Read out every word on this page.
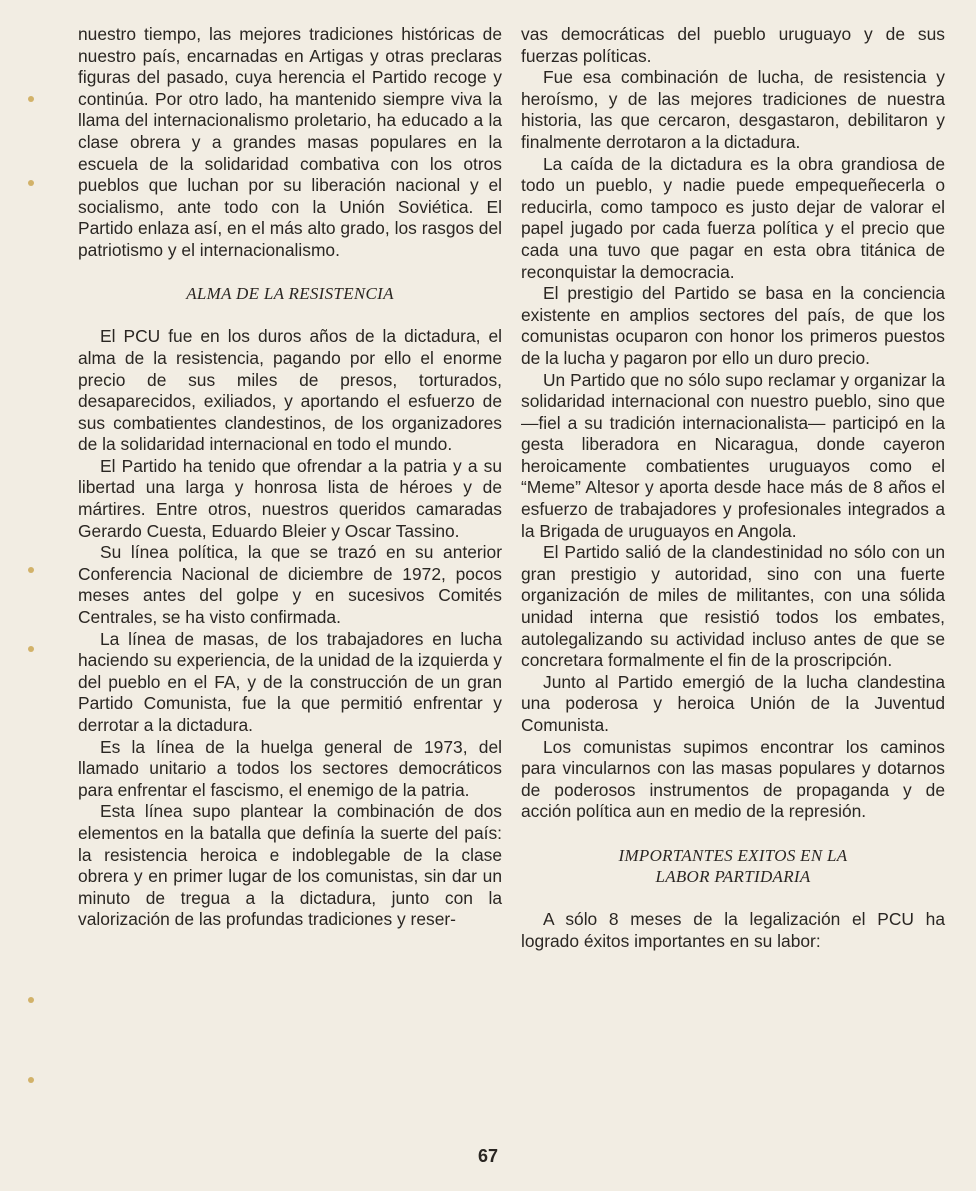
nuestro tiempo, las mejores tradiciones históricas de nuestro país, encarnadas en Artigas y otras preclaras figuras del pasado, cuya herencia el Partido recoge y continúa. Por otro lado, ha mantenido siempre viva la llama del internacionalismo proletario, ha educado a la clase obrera y a grandes masas populares en la escuela de la solidaridad combativa con los otros pueblos que luchan por su liberación nacional y el socialismo, ante todo con la Unión Soviética. El Partido enlaza así, en el más alto grado, los rasgos del patriotismo y el internacionalismo.

ALMA DE LA RESISTENCIA

El PCU fue en los duros años de la dictadura, el alma de la resistencia, pagando por ello el enorme precio de sus miles de presos, torturados, desaparecidos, exiliados, y aportando el esfuerzo de sus combatientes clandestinos, de los organizadores de la solidaridad internacional en todo el mundo.

El Partido ha tenido que ofrendar a la patria y a su libertad una larga y honrosa lista de héroes y de mártires. Entre otros, nuestros queridos camaradas Gerardo Cuesta, Eduardo Bleier y Oscar Tassino.

Su línea política, la que se trazó en su anterior Conferencia Nacional de diciembre de 1972, pocos meses antes del golpe y en sucesivos Comités Centrales, se ha visto confirmada.

La línea de masas, de los trabajadores en lucha haciendo su experiencia, de la unidad de la izquierda y del pueblo en el FA, y de la construcción de un gran Partido Comunista, fue la que permitió enfrentar y derrotar a la dictadura.

Es la línea de la huelga general de 1973, del llamado unitario a todos los sectores democráticos para enfrentar el fascismo, el enemigo de la patria.

Esta línea supo plantear la combinación de dos elementos en la batalla que definía la suerte del país: la resistencia heroica e indoblegable de la clase obrera y en primer lugar de los comunistas, sin dar un minuto de tregua a la dictadura, junto con la valorización de las profundas tradiciones y reser-

vas democráticas del pueblo uruguayo y de sus fuerzas políticas.

Fue esa combinación de lucha, de resistencia y heroísmo, y de las mejores tradiciones de nuestra historia, las que cercaron, desgastaron, debilitaron y finalmente derrotaron a la dictadura.

La caída de la dictadura es la obra grandiosa de todo un pueblo, y nadie puede empequeñecerla o reducirla, como tampoco es justo dejar de valorar el papel jugado por cada fuerza política y el precio que cada una tuvo que pagar en esta obra titánica de reconquistar la democracia.

El prestigio del Partido se basa en la conciencia existente en amplios sectores del país, de que los comunistas ocuparon con honor los primeros puestos de la lucha y pagaron por ello un duro precio.

Un Partido que no sólo supo reclamar y organizar la solidaridad internacional con nuestro pueblo, sino que —fiel a su tradición internacionalista— participó en la gesta liberadora en Nicaragua, donde cayeron heroicamente combatientes uruguayos como el “Meme” Altesor y aporta desde hace más de 8 años el esfuerzo de trabajadores y profesionales integrados a la Brigada de uruguayos en Angola.

El Partido salió de la clandestinidad no sólo con un gran prestigio y autoridad, sino con una fuerte organización de miles de militantes, con una sólida unidad interna que resistió todos los embates, autolegalizando su actividad incluso antes de que se concretara formalmente el fin de la proscripción.

Junto al Partido emergió de la lucha clandestina una poderosa y heroica Unión de la Juventud Comunista.

Los comunistas supimos encontrar los caminos para vincularnos con las masas populares y dotarnos de poderosos instrumentos de propaganda y de acción política aun en medio de la represión.

IMPORTANTES EXITOS EN LA

LABOR PARTIDARIA

A sólo 8 meses de la legalización el PCU ha logrado éxitos importantes en su labor:

67
